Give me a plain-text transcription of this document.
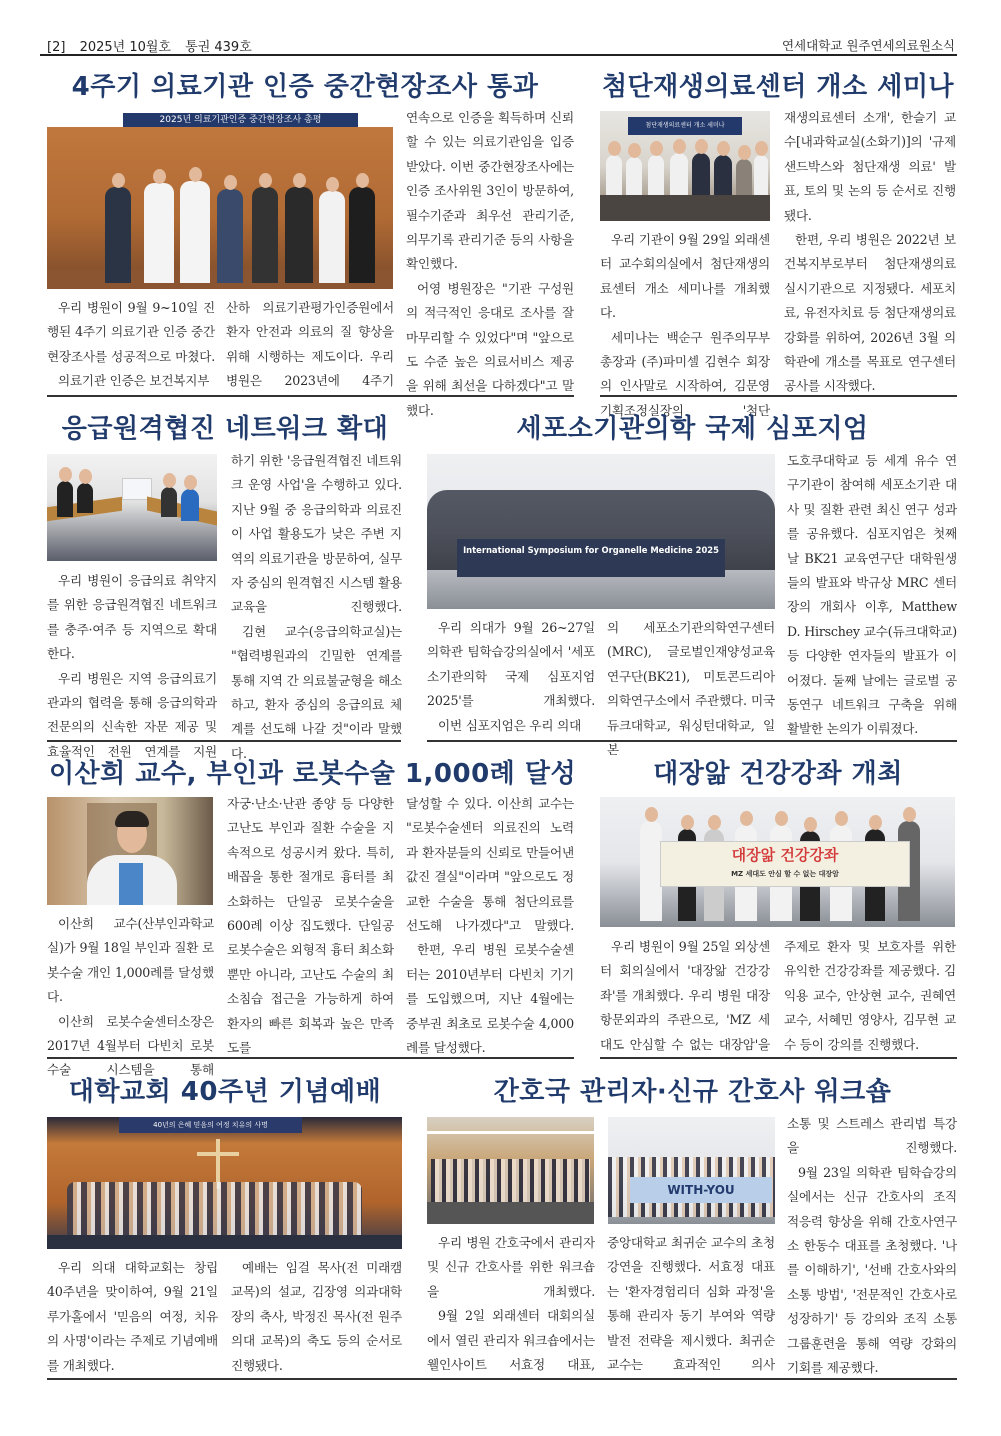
[2] 2025년 10월호 통권 439호	연세대학교 원주연세의료원소식
4주기 의료기관 인증 중간현장조사 통과
2025년 의료기관인증 중간현장조사 총평

우리 병원이 9월 9~10일 진행된 4주기 의료기관 인증 중간현장조사를 성공적으로 마쳤다.

의료기관 인증은 보건복지부

산하 의료기관평가인증원에서 환자 안전과 의료의 질 향상을 위해 시행하는 제도이다. 우리 병원은 2023년에 4주기

연속으로 인증을 획득하며 신뢰할 수 있는 의료기관임을 입증받았다. 이번 중간현장조사에는 인증 조사위원 3인이 방문하여, 필수기준과 최우선 관리기준, 의무기록 관리기준 등의 사항을 확인했다.

어영 병원장은 "기관 구성원의 적극적인 응대로 조사를 잘 마무리할 수 있었다"며 "앞으로도 수준 높은 의료서비스 제공을 위해 최선을 다하겠다"고 말했다.

첨단재생의료센터 개소 세미나
첨단재생의료센터 개소 세미나

우리 기관이 9월 29일 외래센터 교수회의실에서 첨단재생의료센터 개소 세미나를 개최했다.

세미나는 백순구 원주의무부총장과 (주)파미셀 김현수 회장의 인사말로 시작하여, 김문영 기획조정실장의 '첨단

재생의료센터 소개', 한슬기 교수[내과학교실(소화기)]의 '규제 샌드박스와 첨단재생 의료' 발표, 토의 및 논의 등 순서로 진행됐다.

한편, 우리 병원은 2022년 보건복지부로부터 첨단재생의료 실시기관으로 지정됐다. 세포치료, 유전자치료 등 첨단재생의료 강화를 위하여, 2026년 3월 의학관에 개소를 목표로 연구센터 공사를 시작했다.

응급원격협진 네트워크 확대

우리 병원이 응급의료 취약지를 위한 응급원격협진 네트워크를 충주·여주 등 지역으로 확대한다.

우리 병원은 지역 응급의료기관과의 협력을 통해 응급의학과 전문의의 신속한 자문 제공 및 효율적인 전원 연계를 지원

하기 위한 '응급원격협진 네트워크 운영 사업'을 수행하고 있다. 지난 9월 중 응급의학과 의료진이 사업 활용도가 낮은 주변 지역의 의료기관을 방문하여, 실무자 중심의 원격협진 시스템 활용 교육을 진행했다.

김현 교수(응급의학교실)는 "협력병원과의 긴밀한 연계를 통해 지역 간 의료불균형을 해소하고, 환자 중심의 응급의료 체계를 선도해 나갈 것"이라 말했다.

세포소기관의학 국제 심포지엄
International Symposium for Organelle Medicine 2025

우리 의대가 9월 26~27일 의학관 팀학습강의실에서 '세포소기관의학 국제 심포지엄 2025'를 개최했다.

이번 심포지엄은 우리 의대

의 세포소기관의학연구센터(MRC), 글로벌인재양성교육연구단(BK21), 미토콘드리아의학연구소에서 주관했다. 미국 듀크대학교, 워싱턴대학교, 일본

도호쿠대학교 등 세계 유수 연구기관이 참여해 세포소기관 대사 및 질환 관련 최신 연구 성과를 공유했다. 심포지엄은 첫째 날 BK21 교육연구단 대학원생들의 발표와 박규상 MRC 센터장의 개회사 이후, Matthew D. Hirschey 교수(듀크대학교) 등 다양한 연자들의 발표가 이어졌다. 둘째 날에는 글로벌 공동연구 네트워크 구축을 위해 활발한 논의가 이뤄졌다.

이산희 교수, 부인과 로봇수술 1,000례 달성

이산희 교수(산부인과학교실)가 9월 18일 부인과 질환 로봇수술 개인 1,000례를 달성했다.

이산희 로봇수술센터소장은 2017년 4월부터 다빈치 로봇수술 시스템을 통해

자궁·난소·난관 종양 등 다양한 고난도 부인과 질환 수술을 지속적으로 성공시켜 왔다. 특히, 배꼽을 통한 절개로 흉터를 최소화하는 단일공 로봇수술을 600례 이상 집도했다. 단일공 로봇수술은 외형적 흉터 최소화뿐만 아니라, 고난도 수술의 최소침습 접근을 가능하게 하여 환자의 빠른 회복과 높은 만족도를

달성할 수 있다. 이산희 교수는 "로봇수술센터 의료진의 노력과 환자분들의 신뢰로 만들어낸 값진 결실"이라며 "앞으로도 정교한 수술을 통해 첨단의료를 선도해 나가겠다"고 말했다.

한편, 우리 병원 로봇수술센터는 2010년부터 다빈치 기기를 도입했으며, 지난 4월에는 중부권 최초로 로봇수술 4,000례를 달성했다.

대장앎 건강강좌 개최
대장앎 건강강좌
MZ 세대도 안심 할 수 없는 대장암

우리 병원이 9월 25일 외상센터 회의실에서 '대장앎 건강강좌'를 개최했다. 우리 병원 대장항문외과의 주관으로, 'MZ 세대도 안심할 수 없는 대장암'을

주제로 환자 및 보호자를 위한 유익한 건강강좌를 제공했다. 김익용 교수, 안상현 교수, 권혜연 교수, 서혜민 영양사, 김무현 교수 등이 강의를 진행했다.

대학교회 40주년 기념예배
40년의 은혜 믿음의 여정 치유의 사명

우리 의대 대학교회는 창립 40주년을 맞이하여, 9월 21일 루가홀에서 '믿음의 여정, 치유의 사명'이라는 주제로 기념예배를 개최했다.

예배는 임걸 목사(전 미래캠 교목)의 설교, 김장영 의과대학장의 축사, 박정진 목사(전 원주의대 교목)의 축도 등의 순서로 진행됐다.

간호국 관리자·신규 간호사 워크숍
WITH-YOU

우리 병원 간호국에서 관리자 및 신규 간호사를 위한 워크숍을 개최했다.

9월 2일 외래센터 대회의실에서 열린 관리자 워크숍에서는 웰인사이트 서효정 대표,

중앙대학교 최귀순 교수의 초청 강연을 진행했다. 서효정 대표는 '환자경험리더 심화 과정'을 통해 관리자 동기 부여와 역량 발전 전략을 제시했다. 최귀순 교수는 효과적인 의사

소통 및 스트레스 관리법 특강을 진행했다.

9월 23일 의학관 팀학습강의실에서는 신규 간호사의 조직 적응력 향상을 위해 간호사연구소 한동수 대표를 초청했다. '나를 이해하기', '선배 간호사와의 소통 방법', '전문적인 간호사로 성장하기' 등 강의와 조직 소통 그룹훈련을 통해 역량 강화의 기회를 제공했다.
